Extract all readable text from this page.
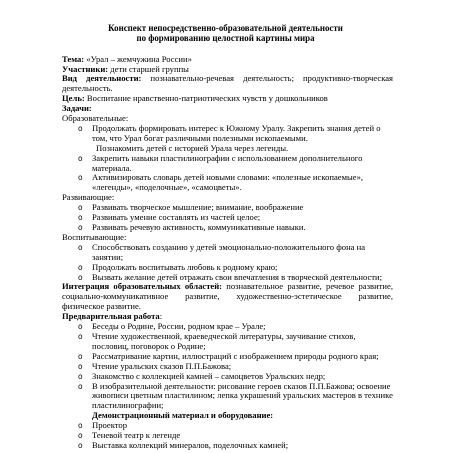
Конспект непосредственно-образовательной деятельности
по формированию целостной картины мира

Тема: «Урал – жемчужина России»

Участники: дети старшей группы

Вид деятельности: познавательно-речевая деятельность; продуктивно-творческая деятельность.

Цель: Воспитание нравственно-патриотических чувств у дошкольников

Задачи:

Образовательные:

o	Продолжать формировать интерес к Южному Уралу. Закрепить знания детей о том, что Урал богат различными полезными ископаемыми.
Познакомить детей с историей Урала через легенды.
o	Закрепить навыки пластилинографии с использованием дополнительного материала.
o	Активизировать словарь детей новыми словами: «полезные ископаемые», «легенды», «поделочные», «самоцветы».

Развивающие:

o	Развивать творческое мышление; внимание, воображение
o	Развивать умение составлять из частей целое;
o	Развивать речевую активность, коммуникативные навыки.

Воспитывающие:

o	Способствовать созданию у детей эмоционально-положительного фона на занятии;
o	Продолжать воспитывать любовь к родному краю;
o	Вызвать желание детей отражать свои впечатления в творческой деятельности;

Интеграция образовательных областей: познавательное развитие, речевое развитие, социально-коммуникативное развитие, художественно-эстетическое развитие, физическое развитие.

Предварительная работа:

o	Беседы о Родине, России, родном крае – Урале;
o	Чтение художественной, краеведческой литературы, заучивание стихов, пословиц, поговорок о Родине;
o	Рассматривание картин, иллюстраций с изображением природы родного края;
o	Чтение уральских сказов П.П.Бажова;
o	Знакомство с коллекцией камней – самоцветов Уральских недр;
o	В изобразительной деятельности: рисование героев сказов П.П.Бажова; освоение живописи цветным пластилином; лепка украшений уральских мастеров в технике пластилинографии;

Демонстрационный материал и оборудование:

o	Проектор
o	Теневой театр к легенде
o	Выставка коллекций минералов, поделочных камней;
